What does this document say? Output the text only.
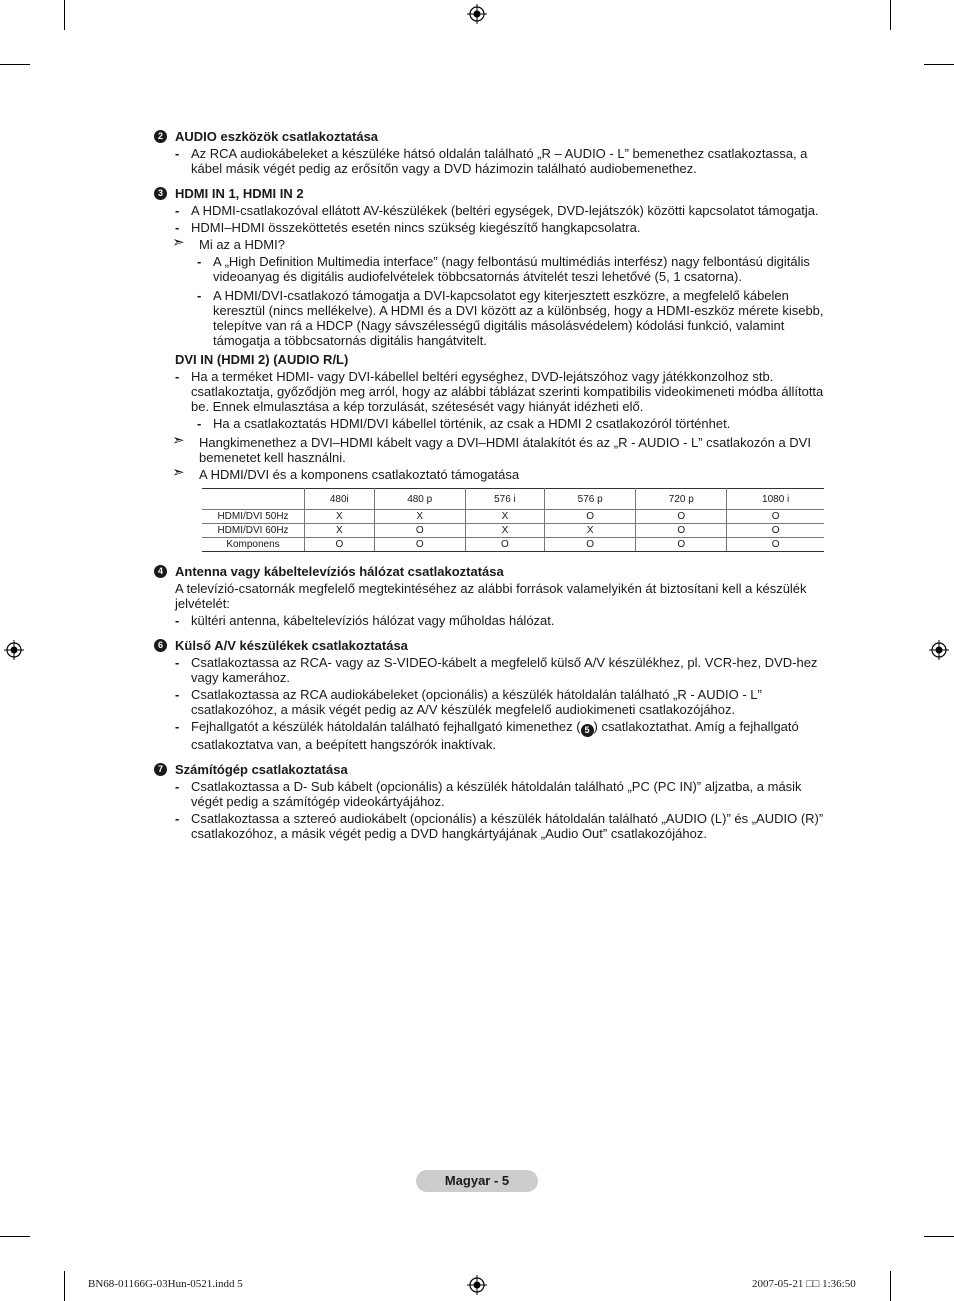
2 AUDIO eszközök csatlakoztatása
- Az RCA audiokábeleket a készüléke hátsó oldalán található „R – AUDIO - L” bemenethez csatlakoztassa, a kábel másik végét pedig az erősítőn vagy a DVD házimozin található audiobemenethez.
3 HDMI IN 1, HDMI IN 2
- A HDMI-csatlakozóval ellátott AV-készülékek (beltéri egységek, DVD-lejátszók) közötti kapcsolatot támogatja.
- HDMI–HDMI összeköttetés esetén nincs szükség kiegészítő hangkapcsolatra.
➣ Mi az a HDMI?
- A „High Definition Multimedia interface” (nagy felbontású multimédiás interfész) nagy felbontású digitális videoanyag és digitális audiofelvételek többcsatornás átvitelét teszi lehetővé (5, 1 csatorna).
- A HDMI/DVI-csatlakozó támogatja a DVI-kapcsolatot egy kiterjesztett eszközre, a megfelelő kábelen keresztül (nincs mellékelve). A HDMI és a DVI között az a különbség, hogy a HDMI-eszköz mérete kisebb, telepítve van rá a HDCP (Nagy sávszélességű digitális másolásvédelem) kódolási funkció, valamint támogatja a többcsatornás digitális hangátvitelt.
DVI IN (HDMI 2) (AUDIO R/L)
- Ha a terméket HDMI- vagy DVI-kábellel beltéri egységhez, DVD-lejátszóhoz vagy játékkonzolhoz stb. csatlakoztatja, győződjön meg arról, hogy az alábbi táblázat szerinti kompatibilis videokimeneti módba állította be. Ennek elmulasztása a kép torzulását, szétesését vagy hiányát idézheti elő.
- Ha a csatlakoztatás HDMI/DVI kábellel történik, az csak a HDMI 2 csatlakozóról történhet.
➣ Hangkimenethez a DVI–HDMI kábelt vagy a DVI–HDMI átalakítót és az „R - AUDIO - L” csatlakozón a DVI bemenetet kell használni.
➣ A HDMI/DVI és a komponens csatlakoztató támogatása
	480i	480 p	576 i	576 p	720 p	1080 i
HDMI/DVI 50Hz	X	X	X	O	O	O
HDMI/DVI 60Hz	X	O	X	X	O	O
Komponens	O	O	O	O	O	O
4 Antenna vagy kábeltelevíziós hálózat csatlakoztatása
A televízió-csatornák megfelelő megtekintéséhez az alábbi források valamelyikén át biztosítani kell a készülék jelvételét:
- kültéri antenna, kábeltelevíziós hálózat vagy műholdas hálózat.
6 Külső A/V készülékek csatlakoztatása
- Csatlakoztassa az RCA- vagy az S-VIDEO-kábelt a megfelelő külső A/V készülékhez, pl. VCR-hez, DVD-hez vagy kamerához.
- Csatlakoztassa az RCA audiokábeleket (opcionális) a készülék hátoldalán található „R - AUDIO - L” csatlakozóhoz, a másik végét pedig az A/V készülék megfelelő audiokimeneti csatlakozójához.
- Fejhallgatót a készülék hátoldalán található fejhallgató kimenethez ( 5 ) csatlakoztathat. Amíg a fejhallgató csatlakoztatva van, a beépített hangszórók inaktívak.
7 Számítógép csatlakoztatása
- Csatlakoztassa a D- Sub kábelt (opcionális) a készülék hátoldalán található „PC (PC IN)” aljzatba, a másik végét pedig a számítógép videokártyájához.
- Csatlakoztassa a sztereó audiokábelt (opcionális) a készülék hátoldalán található „AUDIO (L)” és „AUDIO (R)” csatlakozóhoz, a másik végét pedig a DVD hangkártyájának „Audio Out” csatlakozójához.
Magyar - 5
BN68-01166G-03Hun-0521.indd 5	2007-05-21 □□ 1:36:50
